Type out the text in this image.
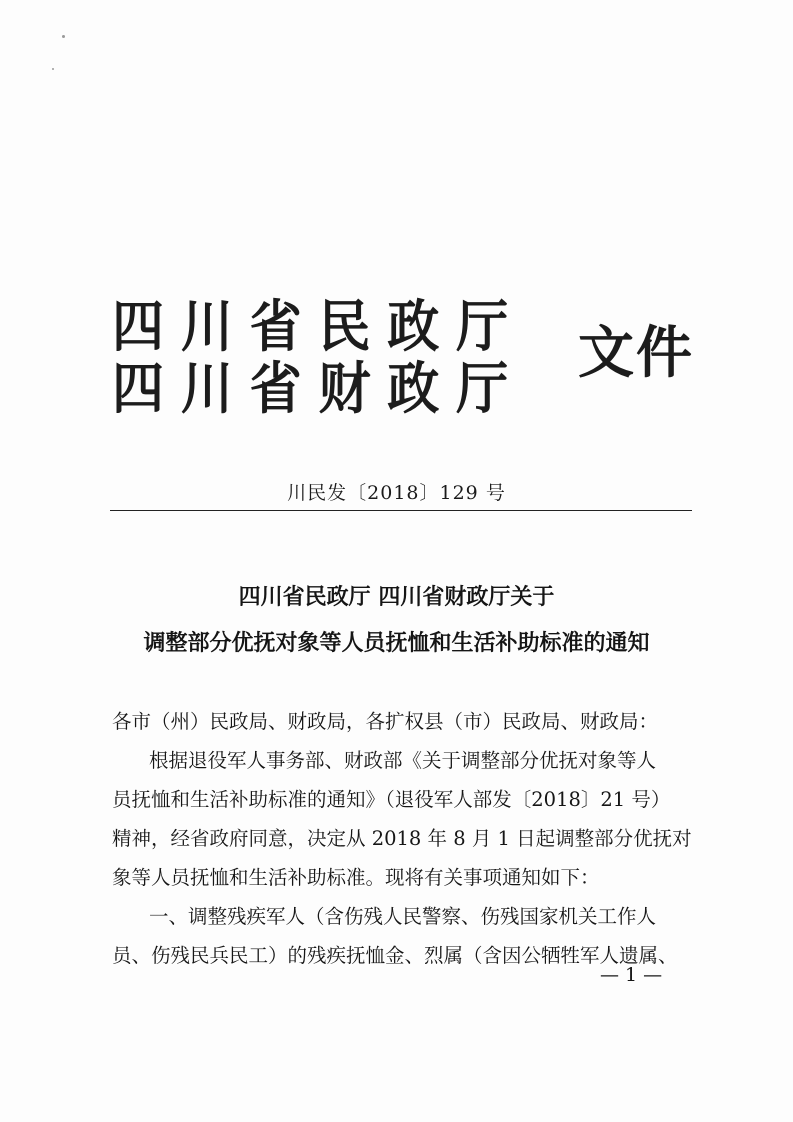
四川省民政厅
四川省财政厅
文件
川民发〔2018〕129 号
四川省民政厅 四川省财政厅关于
调整部分优抚对象等人员抚恤和生活补助标准的通知
各市（州）民政局、财政局，各扩权县（市）民政局、财政局：
根据退役军人事务部、财政部《关于调整部分优抚对象等人
员抚恤和生活补助标准的通知》（退役军人部发〔2018〕21 号）
精神，经省政府同意，决定从 2018 年 8 月 1 日起调整部分优抚对
象等人员抚恤和生活补助标准。现将有关事项通知如下：
一、调整残疾军人（含伤残人民警察、伤残国家机关工作人
员、伤残民兵民工）的残疾抚恤金、烈属（含因公牺牲军人遗属、
— 1 —
